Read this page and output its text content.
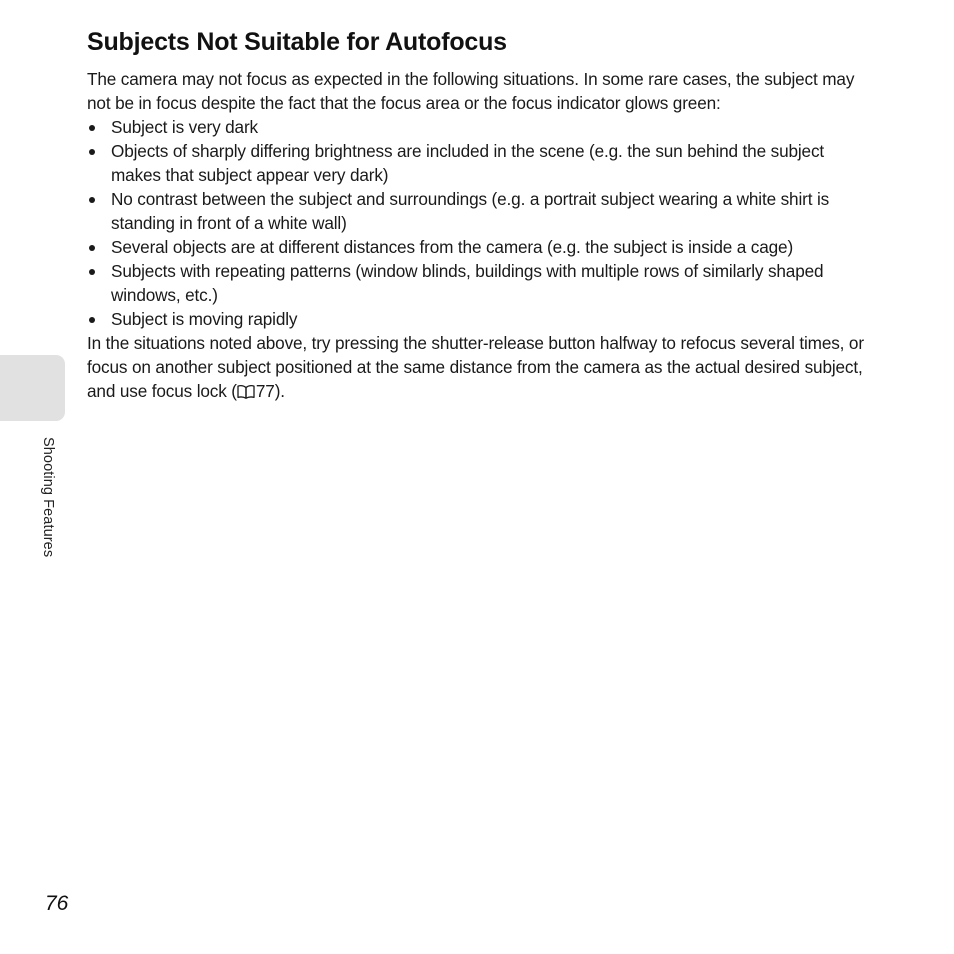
Shooting Features
Subjects Not Suitable for Autofocus

The camera may not focus as expected in the following situations. In some rare cases, the subject may not be in focus despite the fact that the focus area or the focus indicator glows green:

Subject is very dark
Objects of sharply differing brightness are included in the scene (e.g. the sun behind the subject makes that subject appear very dark)
No contrast between the subject and surroundings (e.g. a portrait subject wearing a white shirt is standing in front of a white wall)
Several objects are at different distances from the camera (e.g. the subject is inside a cage)
Subjects with repeating patterns (window blinds, buildings with multiple rows of similarly shaped windows, etc.)
Subject is moving rapidly

In the situations noted above, try pressing the shutter-release button halfway to refocus several times, or focus on another subject positioned at the same distance from the camera as the actual desired subject, and use focus lock ( 77).

76
